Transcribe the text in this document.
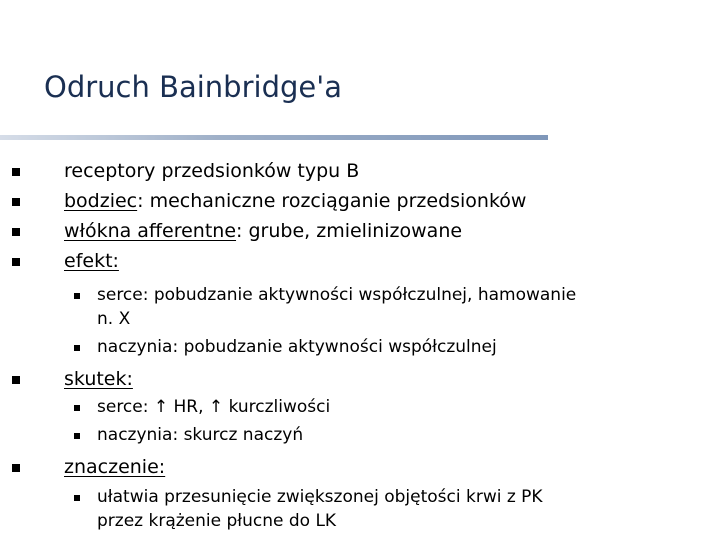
Odruch Bainbridge'a
receptory przedsionków typu B
bodziec: mechaniczne rozciąganie przedsionków
włókna afferentne: grube, zmielinizowane
efekt:
serce: pobudzanie aktywności współczulnej, hamowanie
n. X
naczynia: pobudzanie aktywności współczulnej
skutek:
serce: ↑ HR, ↑ kurczliwości
naczynia: skurcz naczyń
znaczenie:
ułatwia przesunięcie zwiększonej objętości krwi z PK
przez krążenie płucne do LK
